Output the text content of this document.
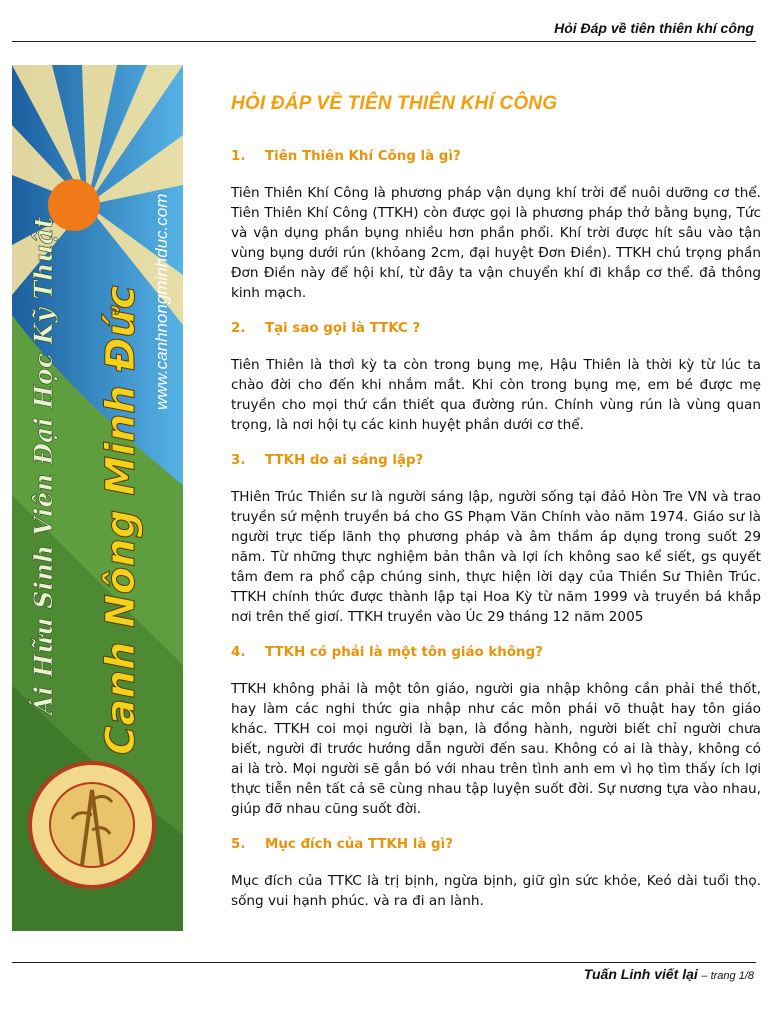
Hỏi Đáp về tiên thiên khí công
Ái Hữu Sinh Viên Đại Học Kỹ Thuật Canh Nông Minh Đức www.canhnongminhduc.com
HỎI ĐÁP VỀ TIÊN THIÊN KHÍ CÔNG
1. Tiên Thiên Khí Công là gì?
Tiên Thiên Khí Công là phương pháp vận dụng khí trời để nuôi dưỡng cơ thể. Tiên Thiên Khí Công (TTKH) còn được gọi là phương pháp thở bằng bụng, Tức và vận dụng phần bụng nhiều hơn phần phổi. Khí trời được hít sâu vào tận vùng bụng dưới rún (khỏang 2cm, đại huyệt Đơn Điền). TTKH chú trọng phần Đơn Điền này để hội khí, từ đây ta vận chuyển khí đi khắp cơ thể. đả thông kinh mạch.
2. Tại sao gọi là TTKC ?
Tiên Thiên là thơì kỳ ta còn trong bụng mẹ, Hậu Thiên là thời kỳ từ lúc ta chào đời cho đến khi nhắm mắt. Khi còn trong bụng mẹ, em bé được mẹ truyền cho mọi thứ cần thiết qua đường rún. Chính vùng rún là vùng quan trọng, là nơi hội tụ các kinh huyệt phần dưới cơ thể.
3. TTKH do ai sáng lập?
THiên Trúc Thiền sư là người sáng lập, người sống tại đảỏ Hòn Tre VN và trao truyền sứ mệnh truyền bá cho GS Phạm Văn Chính vào năm 1974. Giáo sư là người trực tiếp lãnh thọ phương pháp và âm thầm áp dụng trong suốt 29 năm. Từ những thực nghiệm bản thân và lợi ích không sao kể siết, gs quyết tâm đem ra phổ cập chúng sinh, thực hiện lời dạy của Thiền Sư Thiên Trúc. TTKH chính thức được thành lập tại Hoa Kỳ từ năm 1999 và truyền bá khắp nơi trên thế giơí. TTKH truyền vào Úc 29 tháng 12 năm 2005
4. TTKH có phải là một tôn giáo không?
TTKH không phải là một tôn giáo, người gia nhập không cần phải thề thốt, hay làm các nghi thức gia nhập như các môn phái võ thuật hay tôn giáo khác. TTKH coi mọi người là bạn, là đồng hành, người biết chỉ người chưa biết, người đi trước hướng dẫn người đến sau. Không có ai là thày, không có ai là trò. Mọi người sẽ gắn bó với nhau trên tình anh em vì họ tìm thấy ích lợi thực tiễn nên tất cả sẽ cùng nhau tập luyện suốt đời. Sự nương tựa vào nhau, giúp đỡ nhau cũng suốt đời.
5. Mục đích của TTKH là gì?
Mục đích của TTKC là trị bịnh, ngừa bịnh, giữ gìn sức khỏe, Keó dài tuổi thọ. sống vui hạnh phúc. và ra đi an lành.
Tuấn Linh viết lại – trang 1/8
